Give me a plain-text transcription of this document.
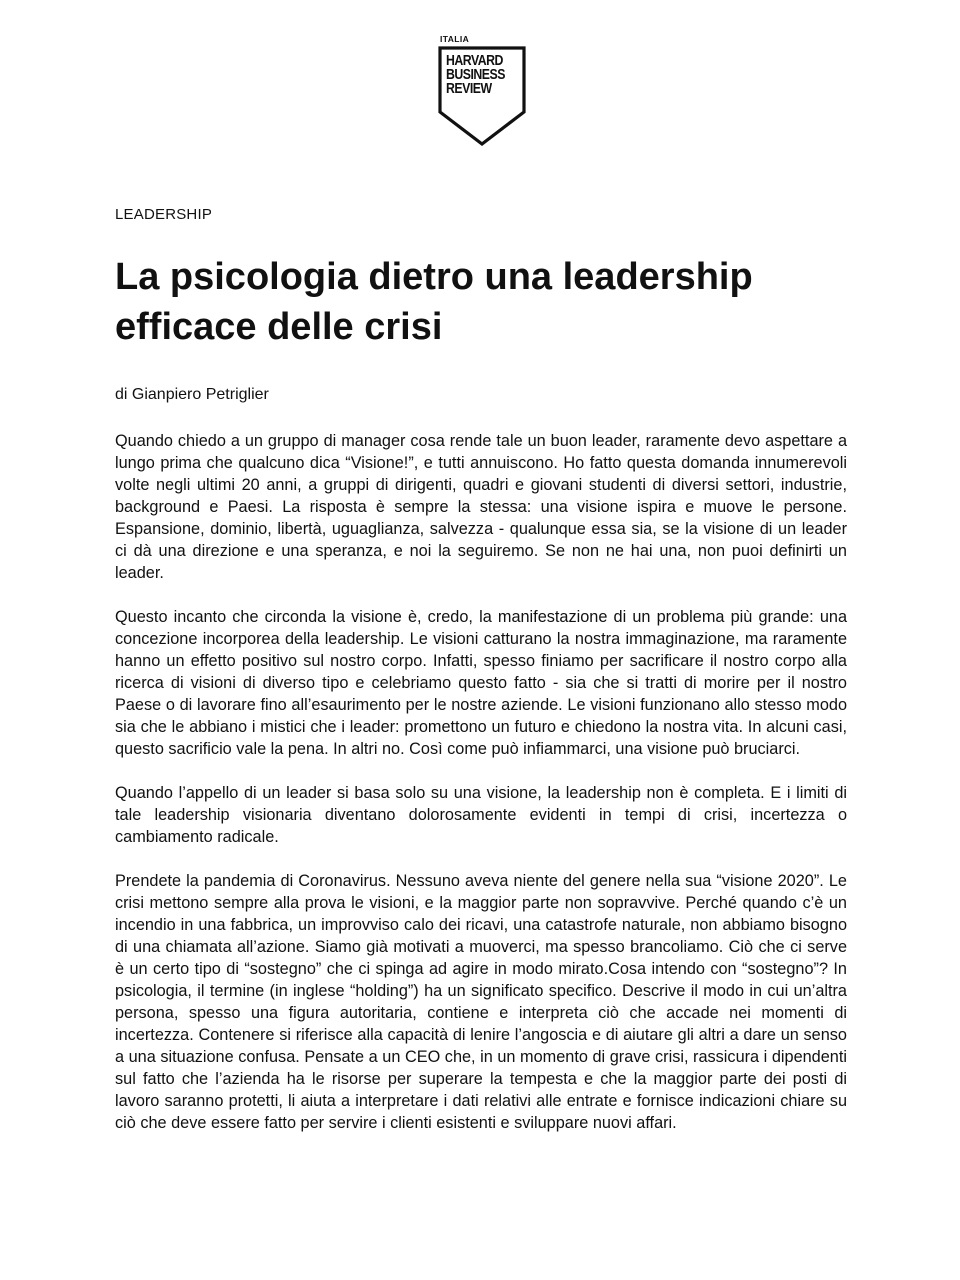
ITALIA
HARVARD
BUSINESS
REVIEW
LEADERSHIP
La psicologia dietro una leadership efficace delle crisi
di Gianpiero Petriglier

Quando chiedo a un gruppo di manager cosa rende tale un buon leader, raramente devo aspettare a lungo prima che qualcuno dica “Visione!”, e tutti annuiscono. Ho fatto questa domanda innumerevoli volte negli ultimi 20 anni, a gruppi di dirigenti, quadri e giovani studenti di diversi settori, industrie, background e Paesi. La risposta è sempre la stessa: una visione ispira e muove le persone. Espansione, dominio, libertà, uguaglianza, salvezza - qualunque essa sia, se la visione di un leader ci dà una direzione e una speranza, e noi la seguiremo. Se non ne hai una, non puoi definirti un leader.

Questo incanto che circonda la visione è, credo, la manifestazione di un problema più grande: una concezione incorporea della leadership. Le visioni catturano la nostra immaginazione, ma raramente hanno un effetto positivo sul nostro corpo. Infatti, spesso finiamo per sacrificare il nostro corpo alla ricerca di visioni di diverso tipo e celebriamo questo fatto - sia che si tratti di morire per il nostro Paese o di lavorare fino all’esaurimento per le nostre aziende. Le visioni funzionano allo stesso modo sia che le abbiano i mistici che i leader: promettono un futuro e chiedono la nostra vita. In alcuni casi, questo sacrificio vale la pena. In altri no. Così come può infiammarci, una visione può bruciarci.

Quando l’appello di un leader si basa solo su una visione, la leadership non è completa. E i limiti di tale leadership visionaria diventano dolorosamente evidenti in tempi di crisi, incertezza o cambiamento radicale.

Prendete la pandemia di Coronavirus. Nessuno aveva niente del genere nella sua “visione 2020”. Le crisi mettono sempre alla prova le visioni, e la maggior parte non sopravvive. Perché quando c’è un incendio in una fabbrica, un improvviso calo dei ricavi, una catastrofe naturale, non abbiamo bisogno di una chiamata all’azione. Siamo già motivati a muoverci, ma spesso brancoliamo. Ciò che ci serve è un certo tipo di “sostegno” che ci spinga ad agire in modo mirato.Cosa intendo con “sostegno”? In psicologia, il termine (in inglese “holding”) ha un significato specifico. Descrive il modo in cui un’altra persona, spesso una figura autoritaria, contiene e interpreta ciò che accade nei momenti di incertezza. Contenere si riferisce alla capacità di lenire l’angoscia e di aiutare gli altri a dare un senso a una situazione confusa. Pensate a un CEO che, in un momento di grave crisi, rassicura i dipendenti sul fatto che l’azienda ha le risorse per superare la tempesta e che la maggior parte dei posti di lavoro saranno protetti, li aiuta a interpretare i dati relativi alle entrate e fornisce indicazioni chiare su ciò che deve essere fatto per servire i clienti esistenti e sviluppare nuovi affari.
